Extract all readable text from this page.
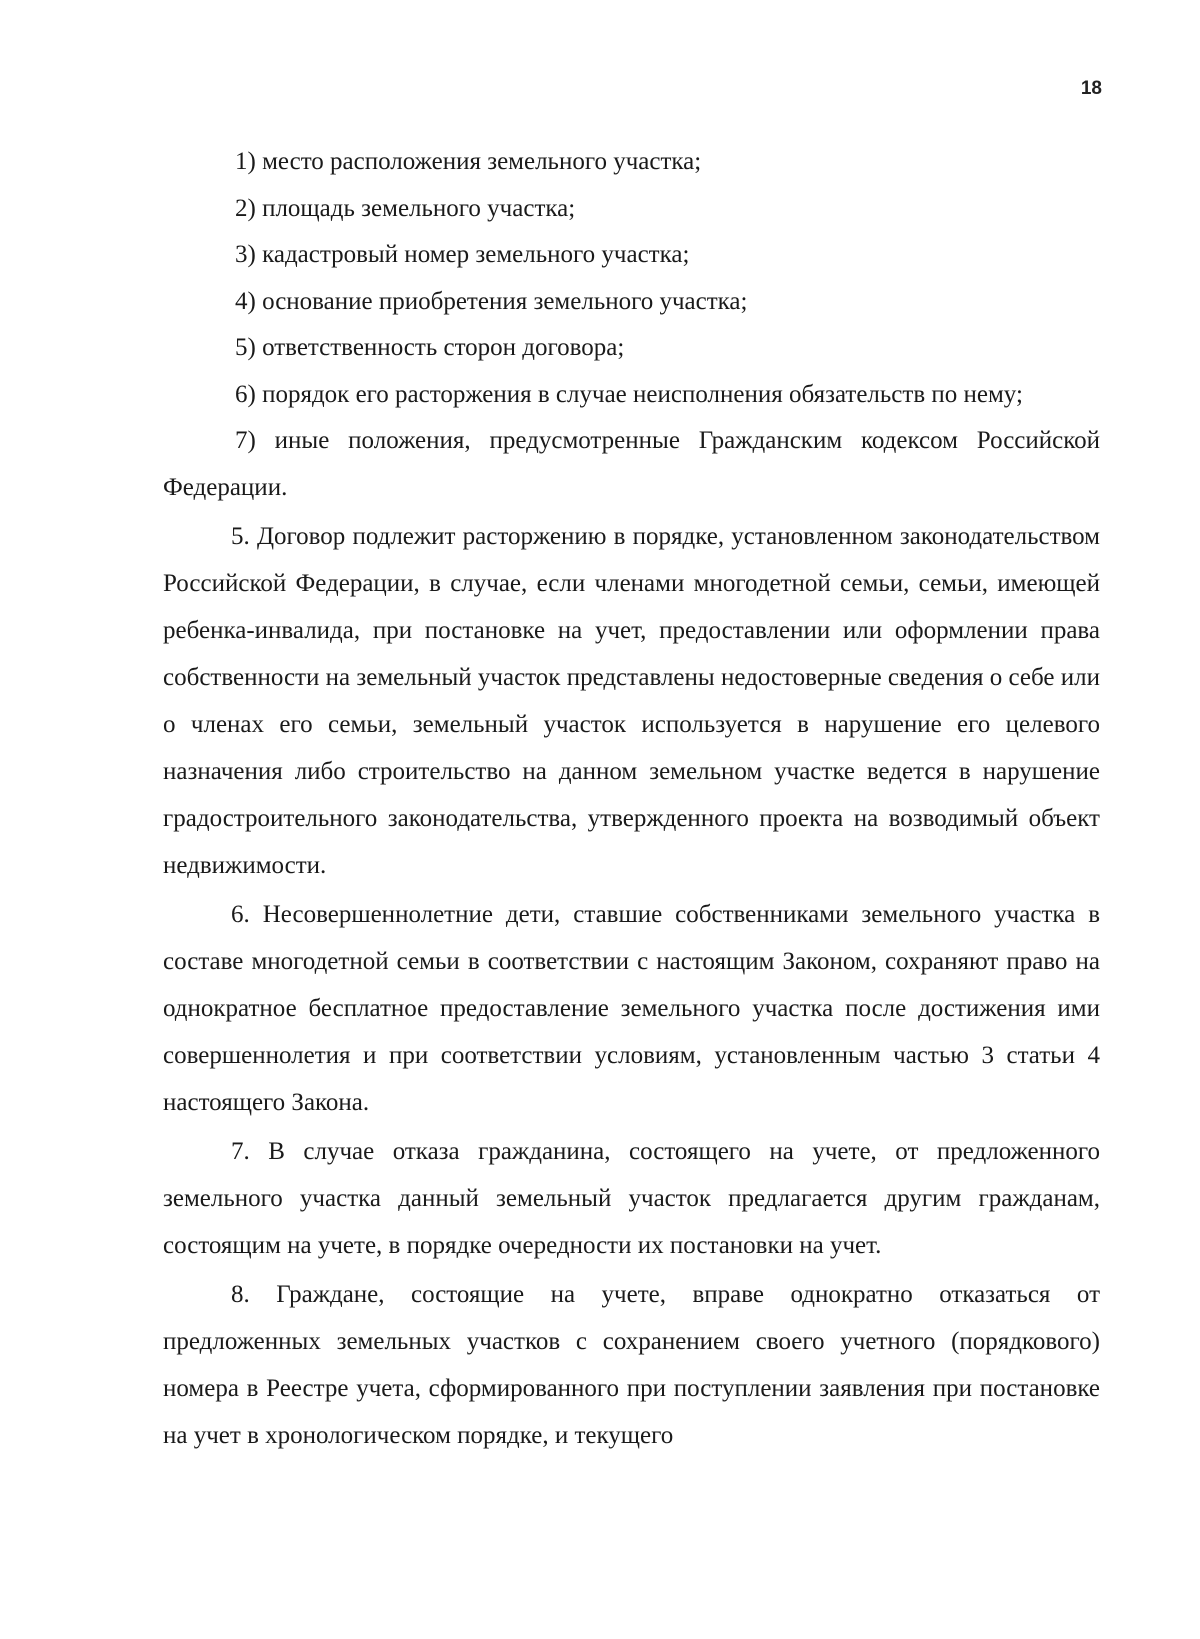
18

1) место расположения земельного участка;

2) площадь земельного участка;

3) кадастровый номер земельного участка;

4) основание приобретения земельного участка;

5) ответственность сторон договора;

6) порядок его расторжения в случае неисполнения обязательств по нему;

7) иные положения, предусмотренные Гражданским кодексом Российской Федерации.

5. Договор подлежит расторжению в порядке, установленном законодательством Российской Федерации, в случае, если членами многодетной семьи, семьи, имеющей ребенка-инвалида, при постановке на учет, предоставлении или оформлении права собственности на земельный участок представлены недостоверные сведения о себе или о членах его семьи, земельный участок используется в нарушение его целевого назначения либо строительство на данном земельном участке ведется в нарушение градостроительного законодательства, утвержденного проекта на возводимый объект недвижимости.

6. Несовершеннолетние дети, ставшие собственниками земельного участка в составе многодетной семьи в соответствии с настоящим Законом, сохраняют право на однократное бесплатное предоставление земельного участка после достижения ими совершеннолетия и при соответствии условиям, установленным частью 3 статьи 4 настоящего Закона.

7. В случае отказа гражданина, состоящего на учете, от предложенного земельного участка данный земельный участок предлагается другим гражданам, состоящим на учете, в порядке очередности их постановки на учет.

8. Граждане, состоящие на учете, вправе однократно отказаться от предложенных земельных участков с сохранением своего учетного (порядкового) номера в Реестре учета, сформированного при поступлении заявления при постановке на учет в хронологическом порядке, и текущего
